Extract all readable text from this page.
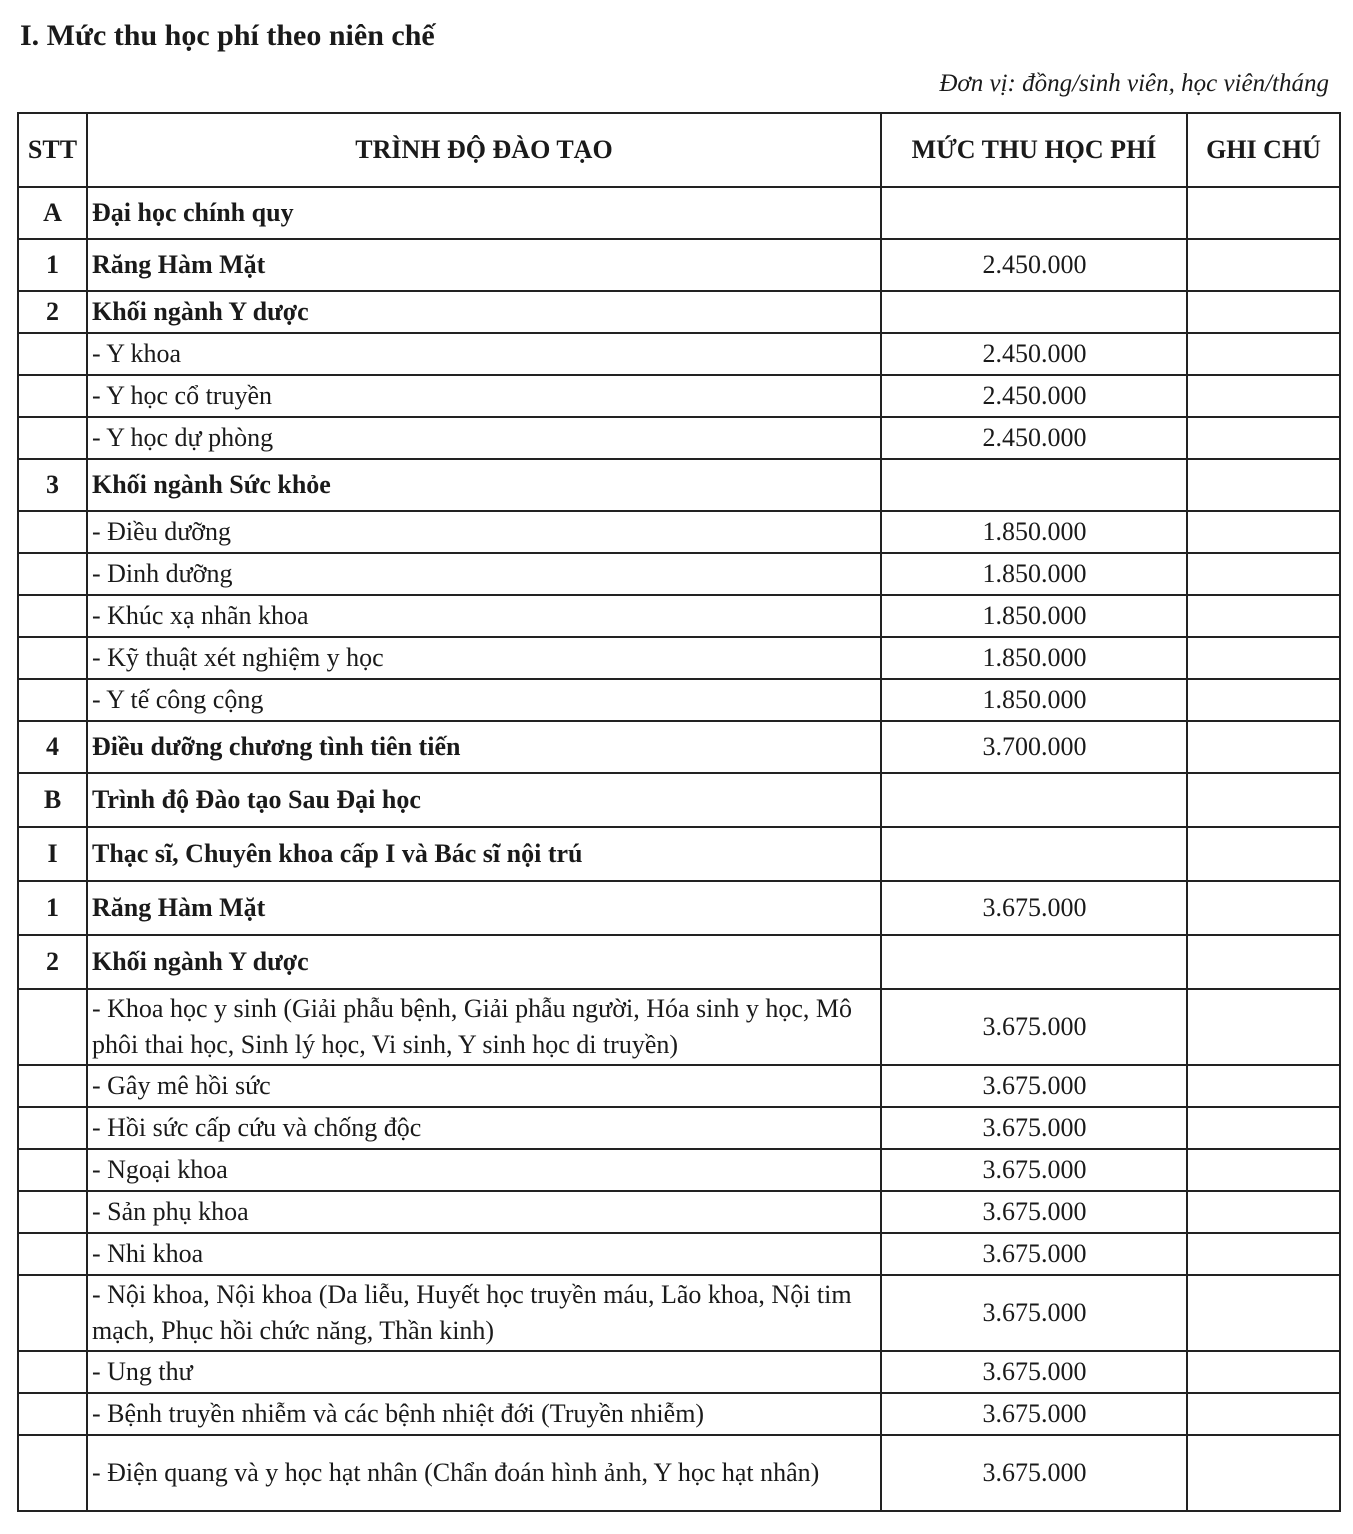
I. Mức thu học phí theo niên chế
Đơn vị: đồng/sinh viên, học viên/tháng
STT	TRÌNH ĐỘ ĐÀO TẠO	MỨC THU HỌC PHÍ	GHI CHÚ
A	Đại học chính quy		
1	Răng Hàm Mặt	2.450.000	
2	Khối ngành Y dược		
	- Y khoa	2.450.000	
	- Y học cổ truyền	2.450.000	
	- Y học dự phòng	2.450.000	
3	Khối ngành Sức khỏe		
	- Điều dưỡng	1.850.000	
	- Dinh dưỡng	1.850.000	
	- Khúc xạ nhãn khoa	1.850.000	
	- Kỹ thuật xét nghiệm y học	1.850.000	
	- Y tế công cộng	1.850.000	
4	Điều dưỡng chương tình tiên tiến	3.700.000	
B	Trình độ Đào tạo Sau Đại học		
I	Thạc sĩ, Chuyên khoa cấp I và Bác sĩ nội trú		
1	Răng Hàm Mặt	3.675.000	
2	Khối ngành Y dược		
	- Khoa học y sinh (Giải phẫu bệnh, Giải phẫu người, Hóa sinh y học, Mô phôi thai học, Sinh lý học, Vi sinh, Y sinh học di truyền)	3.675.000	
	- Gây mê hồi sức	3.675.000	
	- Hồi sức cấp cứu và chống độc	3.675.000	
	- Ngoại khoa	3.675.000	
	- Sản phụ khoa	3.675.000	
	- Nhi khoa	3.675.000	
	- Nội khoa, Nội khoa (Da liễu, Huyết học truyền máu, Lão khoa, Nội tim mạch, Phục hồi chức năng, Thần kinh)	3.675.000	
	- Ung thư	3.675.000	
	- Bệnh truyền nhiễm và các bệnh nhiệt đới (Truyền nhiễm)	3.675.000	
	- Điện quang và y học hạt nhân (Chẩn đoán hình ảnh, Y học hạt nhân)	3.675.000	
